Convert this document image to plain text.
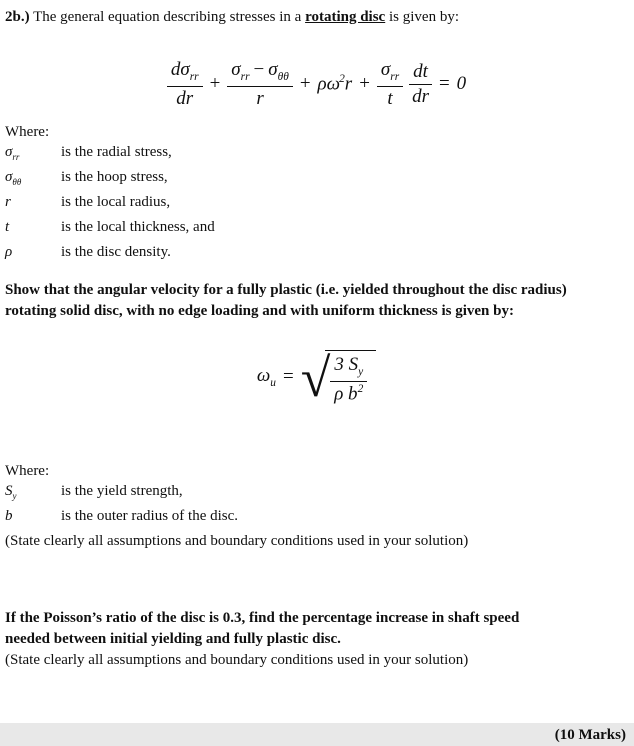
2b.) The general equation describing stresses in a rotating disc is given by:

$\frac{d\sigma_{rr}}{dr} + \frac{\sigma_{rr} - \sigma_{\theta\theta}}{r} + \rho\omega^2r + \frac{\sigma_{rr}}{t} \frac{dt}{dr} = 0$

Where:

$\sigma_{rr}$	is the radial stress,
$\sigma_{\theta\theta}$	is the hoop stress,
r	is the local radius,
t	is the local thickness, and
ρ	is the disc density.

Show that the angular velocity for a fully plastic (i.e. yielded throughout the disc radius)
rotating solid disc, with no edge loading and with uniform thickness is given by:

$\omega_u$ = √ $\frac{3 S_y}{\rho b^2}$

Where:

$S_y$	is the yield strength,
b	is the outer radius of the disc.

(State clearly all assumptions and boundary conditions used in your solution)

If the Poisson’s ratio of the disc is 0.3, find the percentage increase in shaft speed
needed between initial yielding and fully plastic disc.

(State clearly all assumptions and boundary conditions used in your solution)

(10 Marks)
